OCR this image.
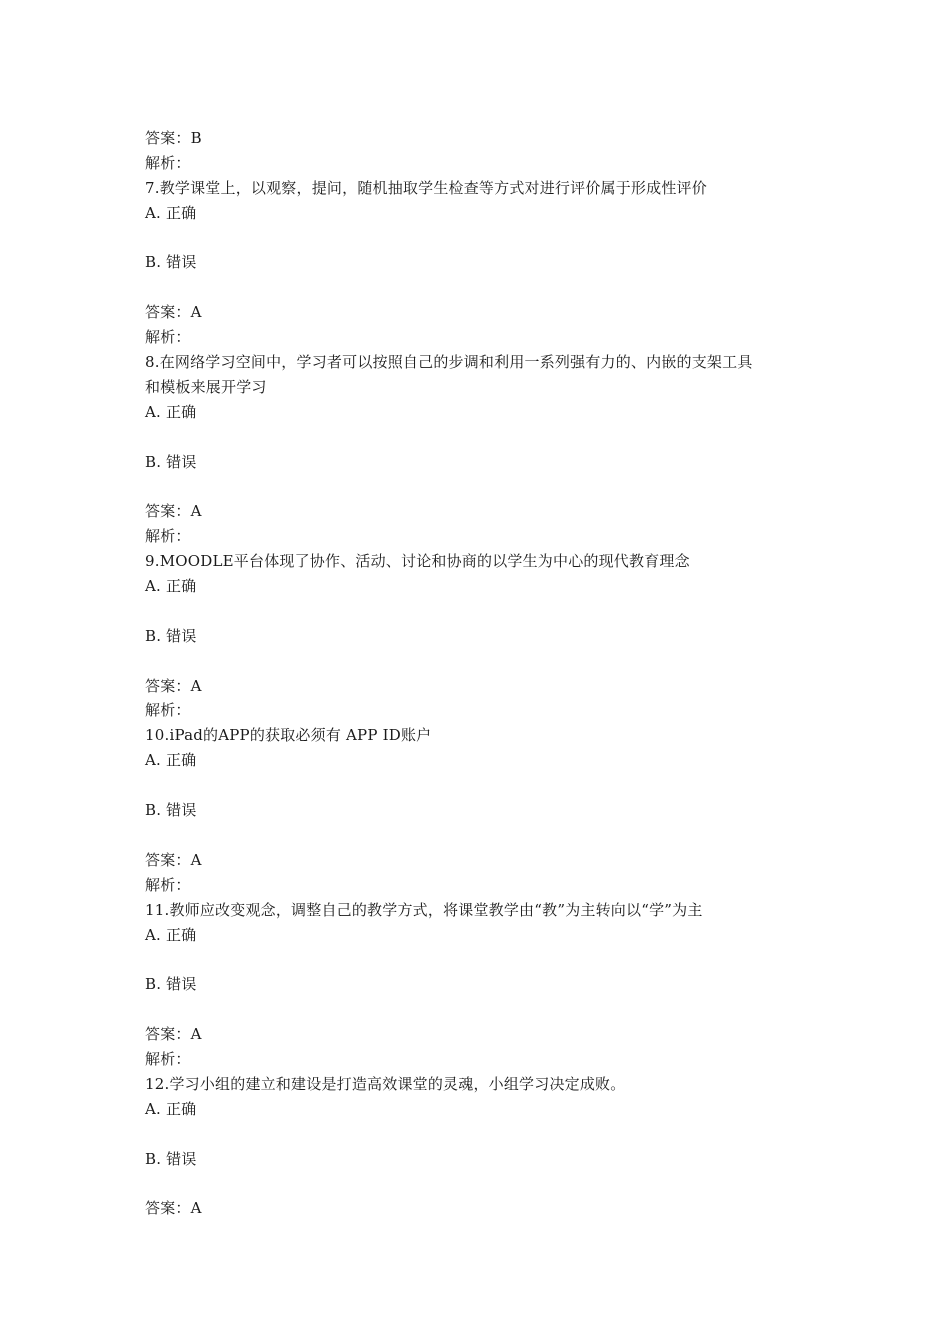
答案：B
解析：
7.教学课堂上，以观察，提问，随机抽取学生检查等方式对进行评价属于形成性评价
A. 正确
B. 错误
答案：A
解析：
8.在网络学习空间中，学习者可以按照自己的步调和利用一系列强有力的、内嵌的支架工具
和模板来展开学习
A. 正确
B. 错误
答案：A
解析：
9.MOODLE平台体现了协作、活动、讨论和协商的以学生为中心的现代教育理念
A. 正确
B. 错误
答案：A
解析：
10.iPad的APP的获取必须有 APP ID账户
A. 正确
B. 错误
答案：A
解析：
11.教师应改变观念，调整自己的教学方式，将课堂教学由“教”为主转向以“学”为主
A. 正确
B. 错误
答案：A
解析：
12.学习小组的建立和建设是打造高效课堂的灵魂，小组学习决定成败。
A. 正确
B. 错误
答案：A
